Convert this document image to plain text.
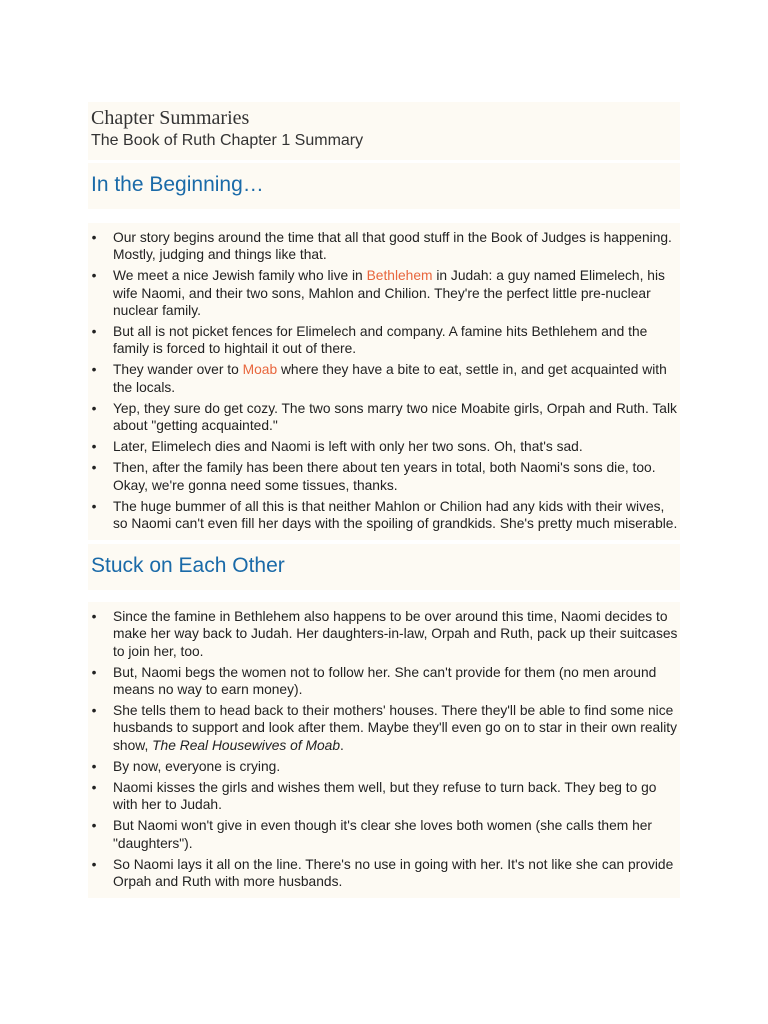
Chapter Summaries

The Book of Ruth Chapter 1 Summary

In the Beginning…
• Our story begins around the time that all that good stuff in the Book of Judges is happening. Mostly, judging and things like that.
• We meet a nice Jewish family who live in Bethlehem in Judah: a guy named Elimelech, his wife Naomi, and their two sons, Mahlon and Chilion. They're the perfect little pre-nuclear nuclear family.
• But all is not picket fences for Elimelech and company. A famine hits Bethlehem and the family is forced to hightail it out of there.
• They wander over to Moab where they have a bite to eat, settle in, and get acquainted with the locals.
• Yep, they sure do get cozy. The two sons marry two nice Moabite girls, Orpah and Ruth. Talk about "getting acquainted."
• Later, Elimelech dies and Naomi is left with only her two sons. Oh, that's sad.
• Then, after the family has been there about ten years in total, both Naomi's sons die, too. Okay, we're gonna need some tissues, thanks.
• The huge bummer of all this is that neither Mahlon or Chilion had any kids with their wives, so Naomi can't even fill her days with the spoiling of grandkids. She's pretty much miserable.
Stuck on Each Other
• Since the famine in Bethlehem also happens to be over around this time, Naomi decides to make her way back to Judah. Her daughters-in-law, Orpah and Ruth, pack up their suitcases to join her, too.
• But, Naomi begs the women not to follow her. She can't provide for them (no men around means no way to earn money).
• She tells them to head back to their mothers' houses. There they'll be able to find some nice husbands to support and look after them. Maybe they'll even go on to star in their own reality show, The Real Housewives of Moab.
• By now, everyone is crying.
• Naomi kisses the girls and wishes them well, but they refuse to turn back. They beg to go with her to Judah.
• But Naomi won't give in even though it's clear she loves both women (she calls them her "daughters").
• So Naomi lays it all on the line. There's no use in going with her. It's not like she can provide Orpah and Ruth with more husbands.
